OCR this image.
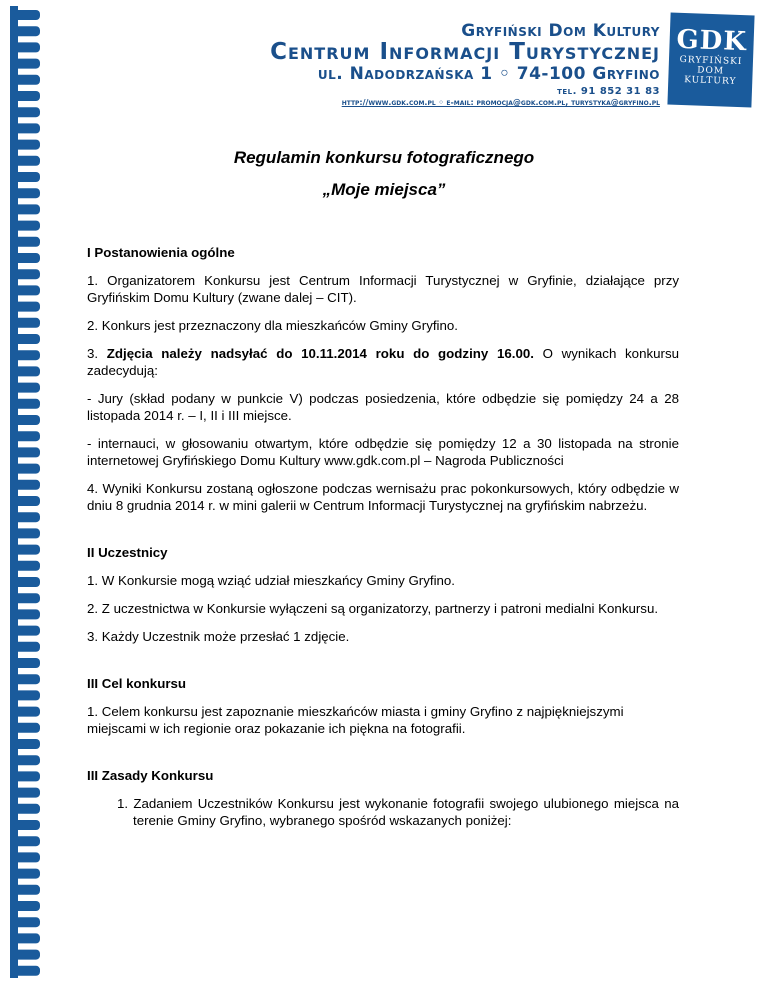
Gryfiński Dom Kultury
Centrum Informacji Turystycznej
ul. Nadodrzańska 1 ◦ 74-100 Gryfino
tel. 91 852 31 83
http://www.gdk.com.pl ◦ e-mail: promocja@gdk.com.pl, turystyka@gryfino.pl
GDK
GRYFIŃSKI
DOM
KULTURY
Regulamin konkursu fotograficznego
„Moje miejsca”
I Postanowienia ogólne

1. Organizatorem Konkursu jest Centrum Informacji Turystycznej w Gryfinie, działające przy Gryfińskim Domu Kultury (zwane dalej – CIT).

2. Konkurs jest przeznaczony dla mieszkańców Gminy Gryfino.

3. Zdjęcia należy nadsyłać do 10.11.2014 roku do godziny 16.00. O wynikach konkursu zadecydują:

- Jury (skład podany w punkcie V) podczas posiedzenia, które odbędzie się pomiędzy 24 a 28 listopada 2014 r. – I, II i III miejsce.

- internauci, w głosowaniu otwartym, które odbędzie się pomiędzy 12 a 30 listopada na stronie internetowej Gryfińskiego Domu Kultury www.gdk.com.pl – Nagroda Publiczności

4. Wyniki Konkursu zostaną ogłoszone podczas wernisażu prac pokonkursowych, który odbędzie w dniu 8 grudnia 2014 r. w mini galerii w Centrum Informacji Turystycznej na gryfińskim nabrzeżu.

II Uczestnicy

1. W Konkursie mogą wziąć udział mieszkańcy Gminy Gryfino.

2. Z uczestnictwa w Konkursie wyłączeni są organizatorzy, partnerzy i patroni medialni Konkursu.

3. Każdy Uczestnik może przesłać 1 zdjęcie.

III Cel konkursu

1. Celem konkursu jest zapoznanie mieszkańców miasta i gminy Gryfino z najpiękniejszymi miejscami w ich regionie oraz pokazanie ich piękna na fotografii.

III Zasady Konkursu

1. Zadaniem Uczestników Konkursu jest wykonanie fotografii swojego ulubionego miejsca na terenie Gminy Gryfino, wybranego spośród wskazanych poniżej:
